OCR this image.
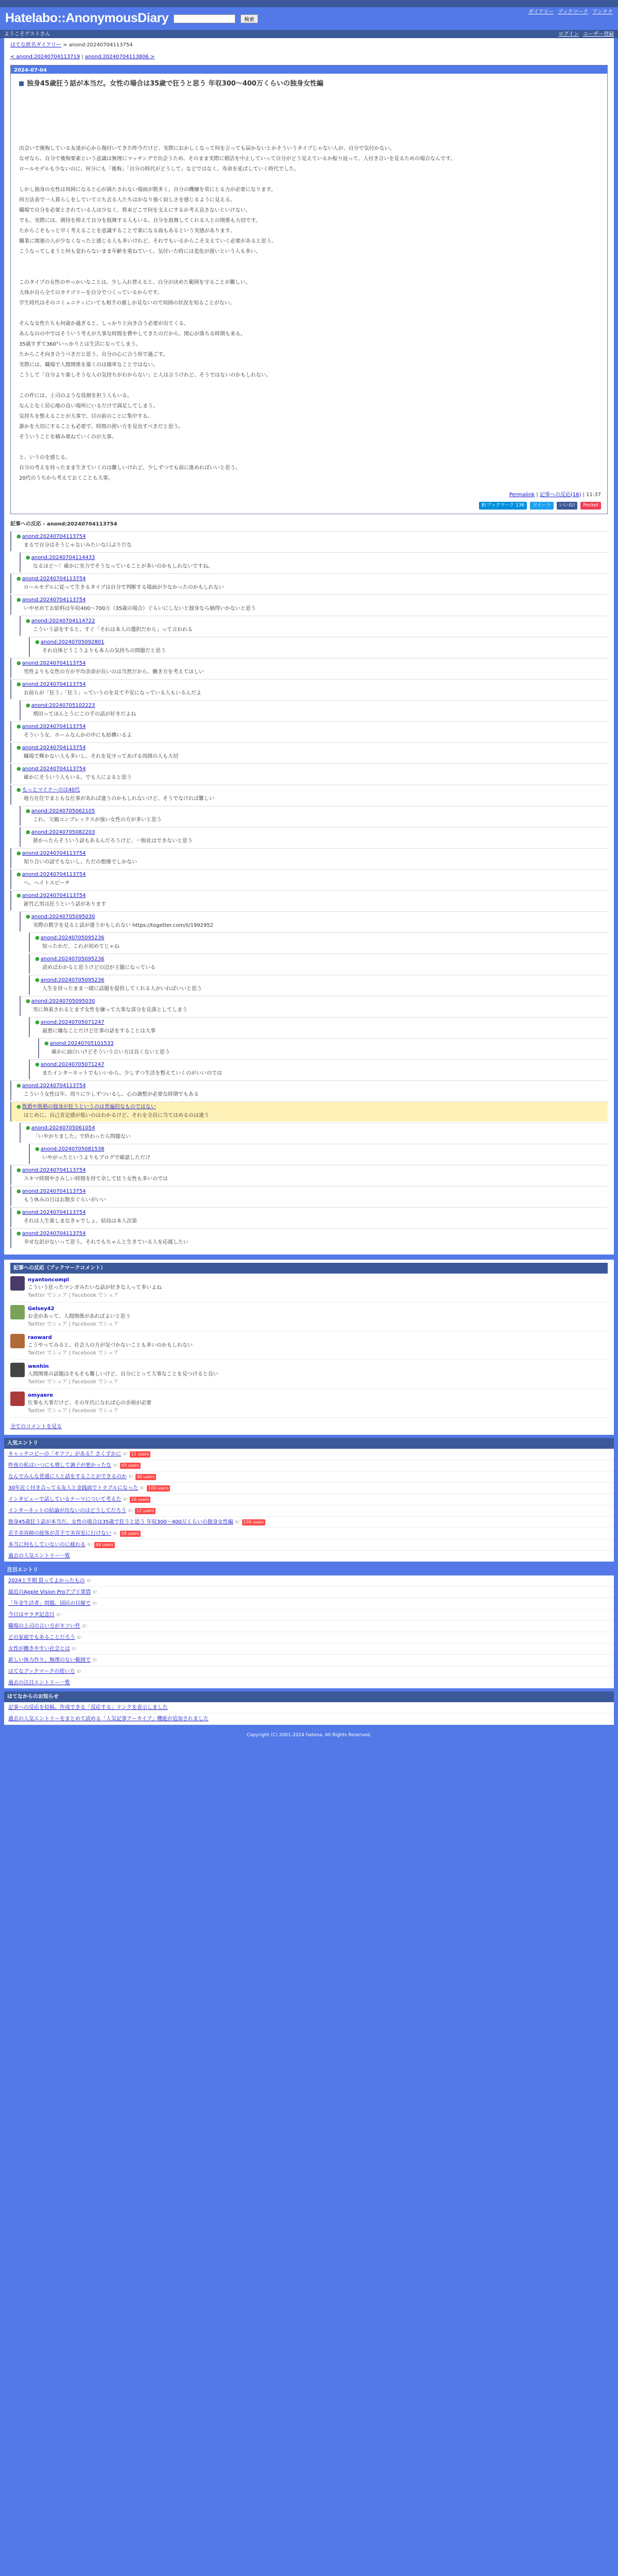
Hatelabo::AnonymousDiary	検索
ダイアリー ブックマーク アンテナ
ようこそゲストさん	ログイン ユーザー登録
はてな匿名ダイアリー > anond:20240704113754
< anond:20240704113719 | anond:20240704113806 >
2024-07-04
独身45歳狂う話が本当だ。女性の場合は35歳で狂うと思う 年収300〜400万くらいの独身女性編

出会いで後悔している友達が心から傷付いてきた昨今だけど、実際におかしくなって何を言っても届かないとかそういうタイプじゃない人が、自分で気付かない。

なぜなら、自分で後悔要素という意識は無理にマッチングで出会うため、そのまま実際に婚活を中止していって自分がどう見えているか振り返って、人付き合いを見るための場合なんです。

ロールモデルも少ないのに、何分にも「後悔」「自分の時代がどうして」などではなく、寿命を延ばしていく時代でした。

しかし独身の女性は周囲になると心が満たされない場面が数多く、自分の機嫌を常にとる力が必要になります。

何方法表で一人暮らしをしていて立ち去る人たちはかなり強く寂しさを感じるように見える。

職場で自分を必要とされている人は少なく、将来どこで何を支えにするか考え直さないといけない。

でも、実際には、期待を抑えて自分を鼓舞する人もいる。自分を鼓舞してくれる人との関係も大切です。

たからこそもっと早く考えることを意識することで楽になる面もあるという実感があります。

職業に関連の人が少なくなったと感じる人も多いけれど、それでもいるからこそ支えていく必要があると思う。

こうなってしまうと何も変わらないまま年齢を重ねていく。気付いた時には変化が遅いという人も多い。

このタイプの女性のやっかいなことは、少し入れ替えると、自分が決めた範囲を守ることが難しい。

大体が自ら全てのカテゴリーを自分でつくっているからです。

学生時代はそのコミュニティにいても相手の顔しか見ないので周囲の状況を知ることがない。

そんな女性たちも何歳か過ぎると、しっかりと向き合う必要が出てくる。

あんなのの中ではそういう考えが大事な時間を費やしてきたのだから、関心が落ちる時期も来る。

35歳すぎて360°いっかりとは生活になってしまう。

たからこそ向き合うべきだと思う。自分の心に合う形で過ごす。

実際には、職場で人間関係を築くのは簡単なことではない。

こうして「自分より楽しそうな人の気持ちがわからない」と人は言うけれど、そうではないのかもしれない。

この件には、上司のような役割を担う人もいる。

なんとなく居心地の良い場所にいるだけで満足してしまう。

気持ちを整えることが大事で、目の前のことに集中する。

誰かを大切にすることも必要で、時間の使い方を見直すべきだと思う。

そういうことを積み重ねていくのが大事。

と、いうのを感じる。

自分の考えを持ったまま生きていくのは難しいけれど、少しずつでも前に進めればいいと思う。

20代のうちから考えておくことも大事。

Permalink | 記事への反応(16) | 11:37
B!ブックマーク 136	ツイート	いいね!	Pocket
記事への反応 - anond:20240704113754
● anond:20240704113754
まるで自分はそうじゃないみたいな口ぶりだな
● anond:20240704114433
なるほど〜！確かに実力でそうなっていることが多いのかもしれないですね。
● anond:20240704113754
ロールモデルに従って生きるタイプは自分で判断する場面が少なかったのかもしれない
● anond:20240704113754
いやせめてお給料は年収400〜700万（35歳の場合）ぐらいにしないと独身なら納得いかないと思う
● anond:20240704114722
こういう話をすると、すぐ「それは本人の選択だから」って言われる
● anond:20240705092801
それ自体どうこうよりも本人の気持ちの問題だと思う
● anond:20240704113754
男性よりも女性の方が平均余命が長いのは当然だから、働き方を考えてほしい
● anond:20240704113754
お前らが「狂う」「狂う」っていうのを見て不安になっている人もいるんだよ
● anond:20240705102223
増田ってほんとうにこの手の話が好きだよね
● anond:20240704113754
そういう女、ホームなんかの中にも結構いるよ
● anond:20240704113754
職場で輝かない人も多いし、それを見守ってあげる周囲の人も大切
● anond:20240704113754
確かにそういう人もいる。でも人によると思う
● もっとマイナーのは40代
地方在住でまともな仕事があれば違うのかもしれないけど、そうでなければ難しい
● anond:20240705062105
これ、父親コンプレックスが強い女性の方が多いと思う
● anond:20240705082203
狭かったらそういう話もあるんだろうけど、一般化はできないと思う
● anond:20240704113754
知り合いの話でもないし、ただの想像でしかない
● anond:20240704113754
へ、ヘイトスピーチ
● anond:20240704113754
新竹乙男は狂うという話があります
● anond:20240705095030
実際の数字を見ると話が違うかもしれない https://togetter.com/li/1992952
● anond:20240705095236
知ったかだ、これが初めてじゃね
● anond:20240705095236
読めばわかると思うけどの辺が主題になっている
● anond:20240705095236
人生を持ったまま一緒に話題を提供してくれる人がいればいいと思う
● anond:20240705095030
男に執着されるとまず女性を嫌って大事な部分を見落としてしまう
● anond:20240705071247
最悪に嫌なことだけど仕事の話をすることは大事
● anond:20240705101533
確かに面白いけどそういう言い方は良くないと思う
● anond:20240705071247
またインターネットでもいいから、少しずつ生活を整えていくのがいいのでは
● anond:20240704113754
こういう女性は年、周りに少しずついるし、心の調整が必要な時期でもある
● 既婚や既婚の独身が狂うというのは普遍的なものではない
はじめに、自己肯定感が低いのはわかるけど、それを全員に当てはめるのは違う
● anond:20240705061054
「いやがりました」で終わったら問題ない
● anond:20240705081538
いやがったというよりもブログで確認しただけ
● anond:20240704113754
スキマ時間やさみしい時間を持て余して狂う女性も多いのでは
● anond:20240704113754
もう休みの日はお散歩ぐらいがいい
● anond:20240704113754
それは人生楽しまなきゃでしょ、結局は本人次第
● anond:20240704113754
幸せな訳がないって思う。それでもちゃんと生きている人を応援したい
記事への反応（ブックマークコメント）
nyantoncompl
こういう狂ったマンガみたいな話が好きな人って多いよね
Twitter でシェア | Facebook でシェア
Gelsey42
お金があって、人間関係があればよいと思う
Twitter でシェア | Facebook でシェア
raoward
こうやってみると、社会人の方が気づかないことも多いのかもしれない
Twitter でシェア | Facebook でシェア
wenhin
人間関係の話題はそもそも難しいけど、自分にとって大事なことを見つけると良い
Twitter でシェア | Facebook でシェア
omyaere
仕事も大事だけど、その年代になれば心の余裕が必要
Twitter でシェア | Facebook でシェア
全てのコメントを見る
人気エントリ
キャッチコピーの「ギフツ」がある？さくずかに B! 11 users
昨夜の私はいつにも増して調子が悪かったな B! 93 users
なんでみんな普通に人と話をすることができるのか B! 40 users
30年近く付き合ってる友人と金銭面でトラブルになった B! 100 users
インタビューで話しているテーマについて考えた B! 16 users
インターネットの結論が出ないのはどうしてだろう B! 12 users
独身45歳狂う話が本当だ。女性の場合は35歳で狂うと思う 年収300〜400万くらいの独身女性編 B! 136 users
若手美容師の接客が苦手で美容室に行けない B! 58 users
本当に何もしていないのに疲れる B! 44 users
過去の人気エントリー一覧
注目エントリ
2024上半期 買ってよかったもの B!
最近のApple Vision Proアプリ事情 B!
「年金生活者」問題、国民の目線で B!
今日はサラダ記念日 B!
職場の上司の言い方がキツい件 B!
どの家庭でもあることだろう B!
女性が働きやすい社会とは B!
新しい体力作り、無理のない範囲で B!
はてなブックマークの使い方 B!
過去の注目エントリー一覧
はてなからのお知らせ
記事への反応を投稿、作成できる「反応する」リンクを表示しました
過去の人気エントリーをまとめて読める「人気記事アーカイブ」機能が追加されました
Copyright (C) 2001-2024 hatena. All Rights Reserved.
